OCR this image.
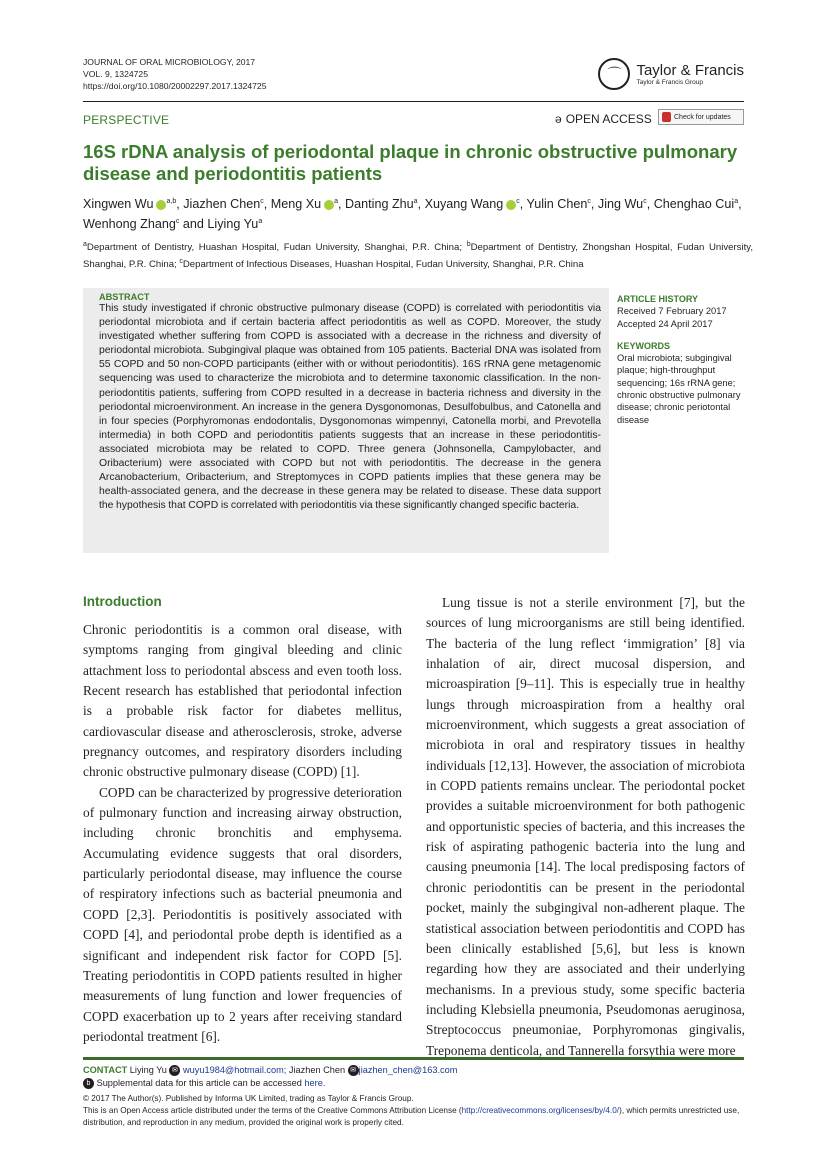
JOURNAL OF ORAL MICROBIOLOGY, 2017
VOL. 9, 1324725
https://doi.org/10.1080/20002297.2017.1324725
⌒	Taylor & Francis
Taylor & Francis Group
PERSPECTIVE	ǝ OPEN ACCESS	Check for updates
16S rDNA analysis of periodontal plaque in chronic obstructive pulmonary disease and periodontitis patients
Xingwen Wu $^{a,b}$, Jiazhen Chen$^c$, Meng Xu $^a$, Danting Zhu$^a$, Xuyang Wang $^c$, Yulin Chen$^c$, Jing Wu$^c$, Chenghao Cui$^a$, Wenhong Zhang$^c$ and Liying Yu$^a$
$^a$Department of Dentistry, Huashan Hospital, Fudan University, Shanghai, P.R. China; $^b$Department of Dentistry, Zhongshan Hospital, Fudan University, Shanghai, P.R. China; $^c$Department of Infectious Diseases, Huashan Hospital, Fudan University, Shanghai, P.R. China
ABSTRACT
This study investigated if chronic obstructive pulmonary disease (COPD) is correlated with periodontitis via periodontal microbiota and if certain bacteria affect periodontitis as well as COPD. Moreover, the study investigated whether suffering from COPD is associated with a decrease in the richness and diversity of periodontal microbiota. Subgingival plaque was obtained from 105 patients. Bacterial DNA was isolated from 55 COPD and 50 non-COPD participants (either with or without periodontitis). 16S rRNA gene metagenomic sequencing was used to characterize the microbiota and to determine taxonomic classification. In the non-periodontitis patients, suffering from COPD resulted in a decrease in bacteria richness and diversity in the periodontal microenvironment. An increase in the genera Dysgonomonas, Desulfobulbus, and Catonella and in four species (Porphyromonas endodontalis, Dysgonomonas wimpennyi, Catonella morbi, and Prevotella intermedia) in both COPD and periodontitis patients suggests that an increase in these periodontitis-associated microbiota may be related to COPD. Three genera (Johnsonella, Campylobacter, and Oribacterium) were associated with COPD but not with periodontitis. The decrease in the genera Arcanobacterium, Oribacterium, and Streptomyces in COPD patients implies that these genera may be health-associated genera, and the decrease in these genera may be related to disease. These data support the hypothesis that COPD is correlated with periodontitis via these significantly changed specific bacteria.
ARTICLE HISTORY
Received 7 February 2017
Accepted 24 April 2017
KEYWORDS
Oral microbiota; subgingival plaque; high-throughput sequencing; 16s rRNA gene; chronic obstructive pulmonary disease; chronic periotontal disease
Introduction

Chronic periodontitis is a common oral disease, with symptoms ranging from gingival bleeding and clinic attachment loss to periodontal abscess and even tooth loss. Recent research has established that periodontal infection is a probable risk factor for diabetes mellitus, cardiovascular disease and atherosclerosis, stroke, adverse pregnancy outcomes, and respiratory disorders including chronic obstructive pulmonary disease (COPD) [1].

COPD can be characterized by progressive deterioration of pulmonary function and increasing airway obstruction, including chronic bronchitis and emphysema. Accumulating evidence suggests that oral disorders, particularly periodontal disease, may influence the course of respiratory infections such as bacterial pneumonia and COPD [2,3]. Periodontitis is positively associated with COPD [4], and periodontal probe depth is identified as a significant and independent risk factor for COPD [5]. Treating periodontitis in COPD patients resulted in higher measurements of lung function and lower frequencies of COPD exacerbation up to 2 years after receiving standard periodontal treatment [6].

Lung tissue is not a sterile environment [7], but the sources of lung microorganisms are still being identified. The bacteria of the lung reflect ‘immigration’ [8] via inhalation of air, direct mucosal dispersion, and microaspiration [9–11]. This is especially true in healthy lungs through microaspiration from a healthy oral microenvironment, which suggests a great association of microbiota in oral and respiratory tissues in healthy individuals [12,13]. However, the association of microbiota in COPD patients remains unclear. The periodontal pocket provides a suitable microenvironment for both pathogenic and opportunistic species of bacteria, and this increases the risk of aspirating pathogenic bacteria into the lung and causing pneumonia [14]. The local predisposing factors of chronic periodontitis can be present in the periodontal pocket, mainly the subgingival non-adherent plaque. The statistical association between periodontitis and COPD has been clinically established [5,6], but less is known regarding how they are associated and their underlying mechanisms. In a previous study, some specific bacteria including Klebsiella pneumonia, Pseudomonas aeruginosa, Streptococcus pneumoniae, Porphyromonas gingivalis, Treponema denticola, and Tannerella forsythia were more

CONTACT Liying Yu ✉ wuyu1984@hotmail.com; Jiazhen Chen ✉ jiazhen_chen@163.com
b Supplemental data for this article can be accessed here.
© 2017 The Author(s). Published by Informa UK Limited, trading as Taylor & Francis Group.
This is an Open Access article distributed under the terms of the Creative Commons Attribution License (http://creativecommons.org/licenses/by/4.0/), which permits unrestricted use, distribution, and reproduction in any medium, provided the original work is properly cited.
